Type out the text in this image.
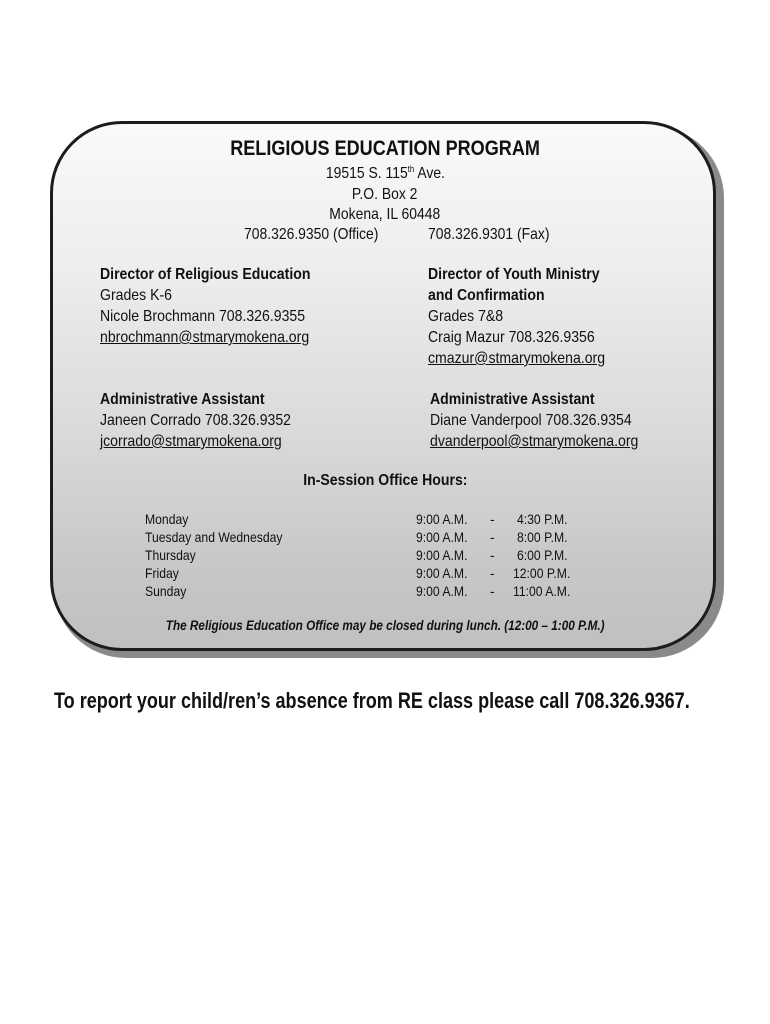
RELIGIOUS EDUCATION PROGRAM
19515 S. 115th Ave.
P.O. Box 2
Mokena, IL 60448
708.326.9350 (Office)	708.326.9301 (Fax)
Director of Religious Education
Grades K-6
Nicole Brochmann 708.326.9355
nbrochmann@stmarymokena.org
Director of Youth Ministry
and Confirmation
Grades 7&8
Craig Mazur 708.326.9356
cmazur@stmarymokena.org
Administrative Assistant
Janeen Corrado 708.326.9352
jcorrado@stmarymokena.org
Administrative Assistant
Diane Vanderpool 708.326.9354
dvanderpool@stmarymokena.org
In-Session Office Hours:
Monday	9:00 A.M.	-	4:30 P.M.
Tuesday and Wednesday	9:00 A.M.	-	8:00 P.M.
Thursday	9:00 A.M.	-	6:00 P.M.
Friday	9:00 A.M.	- 12:00 P.M.
Sunday	9:00 A.M.	- 11:00 A.M.
The Religious Education Office may be closed during lunch. (12:00 – 1:00 P.M.)
To report your child/ren’s absence from RE class please call 708.326.9367.
